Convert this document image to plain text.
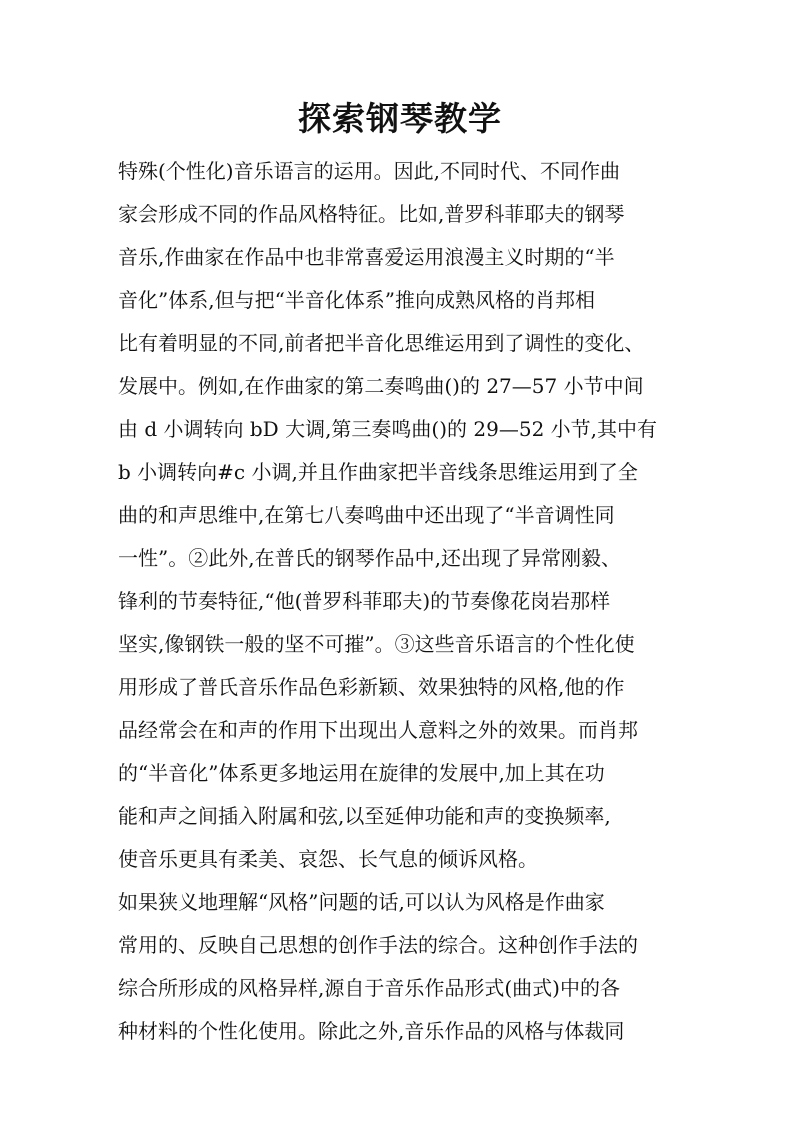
探索钢琴教学
特殊(个性化)音乐语言的运用。因此,不同时代、不同作曲
家会形成不同的作品风格特征。比如,普罗科菲耶夫的钢琴
音乐,作曲家在作品中也非常喜爱运用浪漫主义时期的“半
音化”体系,但与把“半音化体系”推向成熟风格的肖邦相
比有着明显的不同,前者把半音化思维运用到了调性的变化、
发展中。例如,在作曲家的第二奏鸣曲()的 27—57 小节中间
由 d 小调转向 bD 大调,第三奏鸣曲()的 29—52 小节,其中有
b 小调转向#c 小调,并且作曲家把半音线条思维运用到了全
曲的和声思维中,在第七八奏鸣曲中还出现了“半音调性同
一性”。②此外,在普氏的钢琴作品中,还出现了异常刚毅、
锋利的节奏特征,“他(普罗科菲耶夫)的节奏像花岗岩那样
坚实,像钢铁一般的坚不可摧”。③这些音乐语言的个性化使
用形成了普氏音乐作品色彩新颖、效果独特的风格,他的作
品经常会在和声的作用下出现出人意料之外的效果。而肖邦
的“半音化”体系更多地运用在旋律的发展中,加上其在功
能和声之间插入附属和弦,以至延伸功能和声的变换频率,
使音乐更具有柔美、哀怨、长气息的倾诉风格。
如果狭义地理解“风格”问题的话,可以认为风格是作曲家
常用的、反映自己思想的创作手法的综合。这种创作手法的
综合所形成的风格异样,源自于音乐作品形式(曲式)中的各
种材料的个性化使用。除此之外,音乐作品的风格与体裁同
